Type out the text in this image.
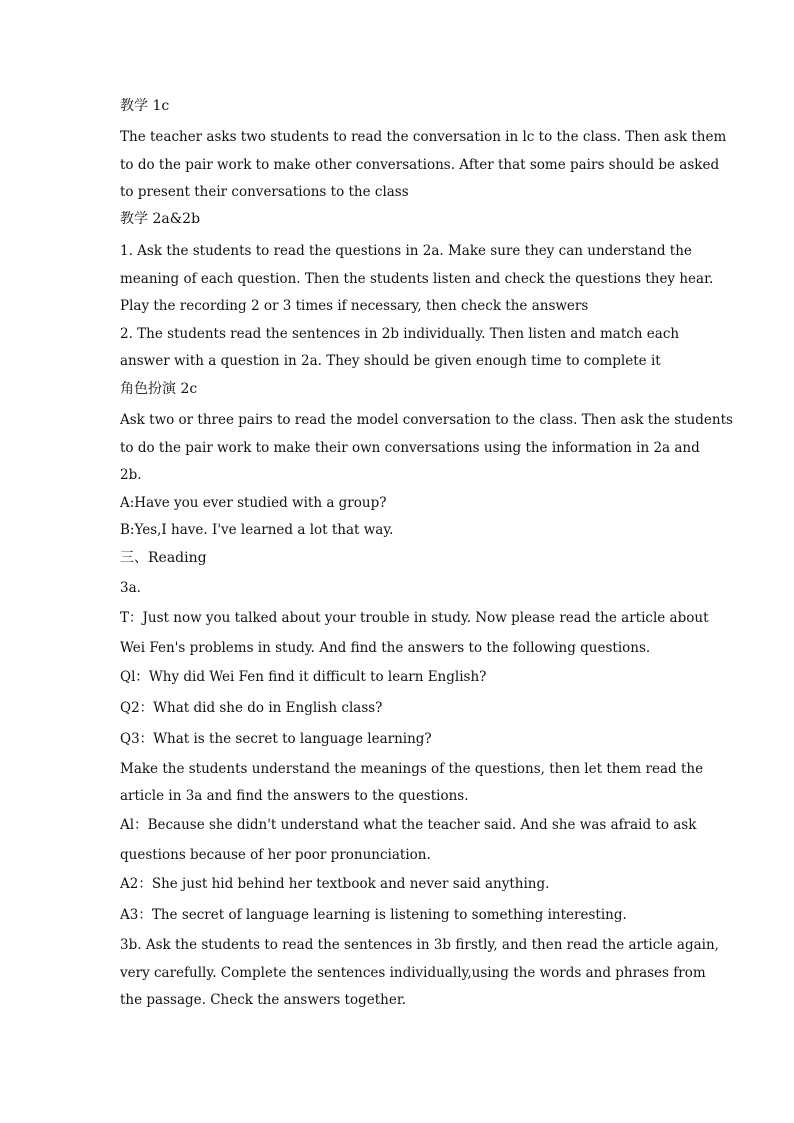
教学 1c
The teacher asks two students to read the conversation in lc to the class. Then ask them
to do the pair work to make other conversations. After that some pairs should be asked
to present their conversations to the class
教学 2a&2b
1. Ask the students to read the questions in 2a. Make sure they can understand the
meaning of each question. Then the students listen and check the questions they hear.
Play the recording 2 or 3 times if necessary, then check the answers
2. The students read the sentences in 2b individually. Then listen and match each
answer with a question in 2a. They should be given enough time to complete it
角色扮演 2c
Ask two or three pairs to read the model conversation to the class. Then ask the students
to do the pair work to make their own conversations using the information in 2a and
2b.
A:Have you ever studied with a group?
B:Yes,I have. I've learned a lot that way.
三、Reading
3a.
T：Just now you talked about your trouble in study. Now please read the article about
Wei Fen's problems in study. And find the answers to the following questions.
Ql：Why did Wei Fen find it difficult to learn English?
Q2：What did she do in English class?
Q3：What is the secret to language learning?
Make the students understand the meanings of the questions, then let them read the
article in 3a and find the answers to the questions.
Al：Because she didn't understand what the teacher said. And she was afraid to ask
questions because of her poor pronunciation.
A2：She just hid behind her textbook and never said anything.
A3：The secret of language learning is listening to something interesting.
3b. Ask the students to read the sentences in 3b firstly, and then read the article again,
very carefully. Complete the sentences individually,using the words and phrases from
the passage. Check the answers together.
